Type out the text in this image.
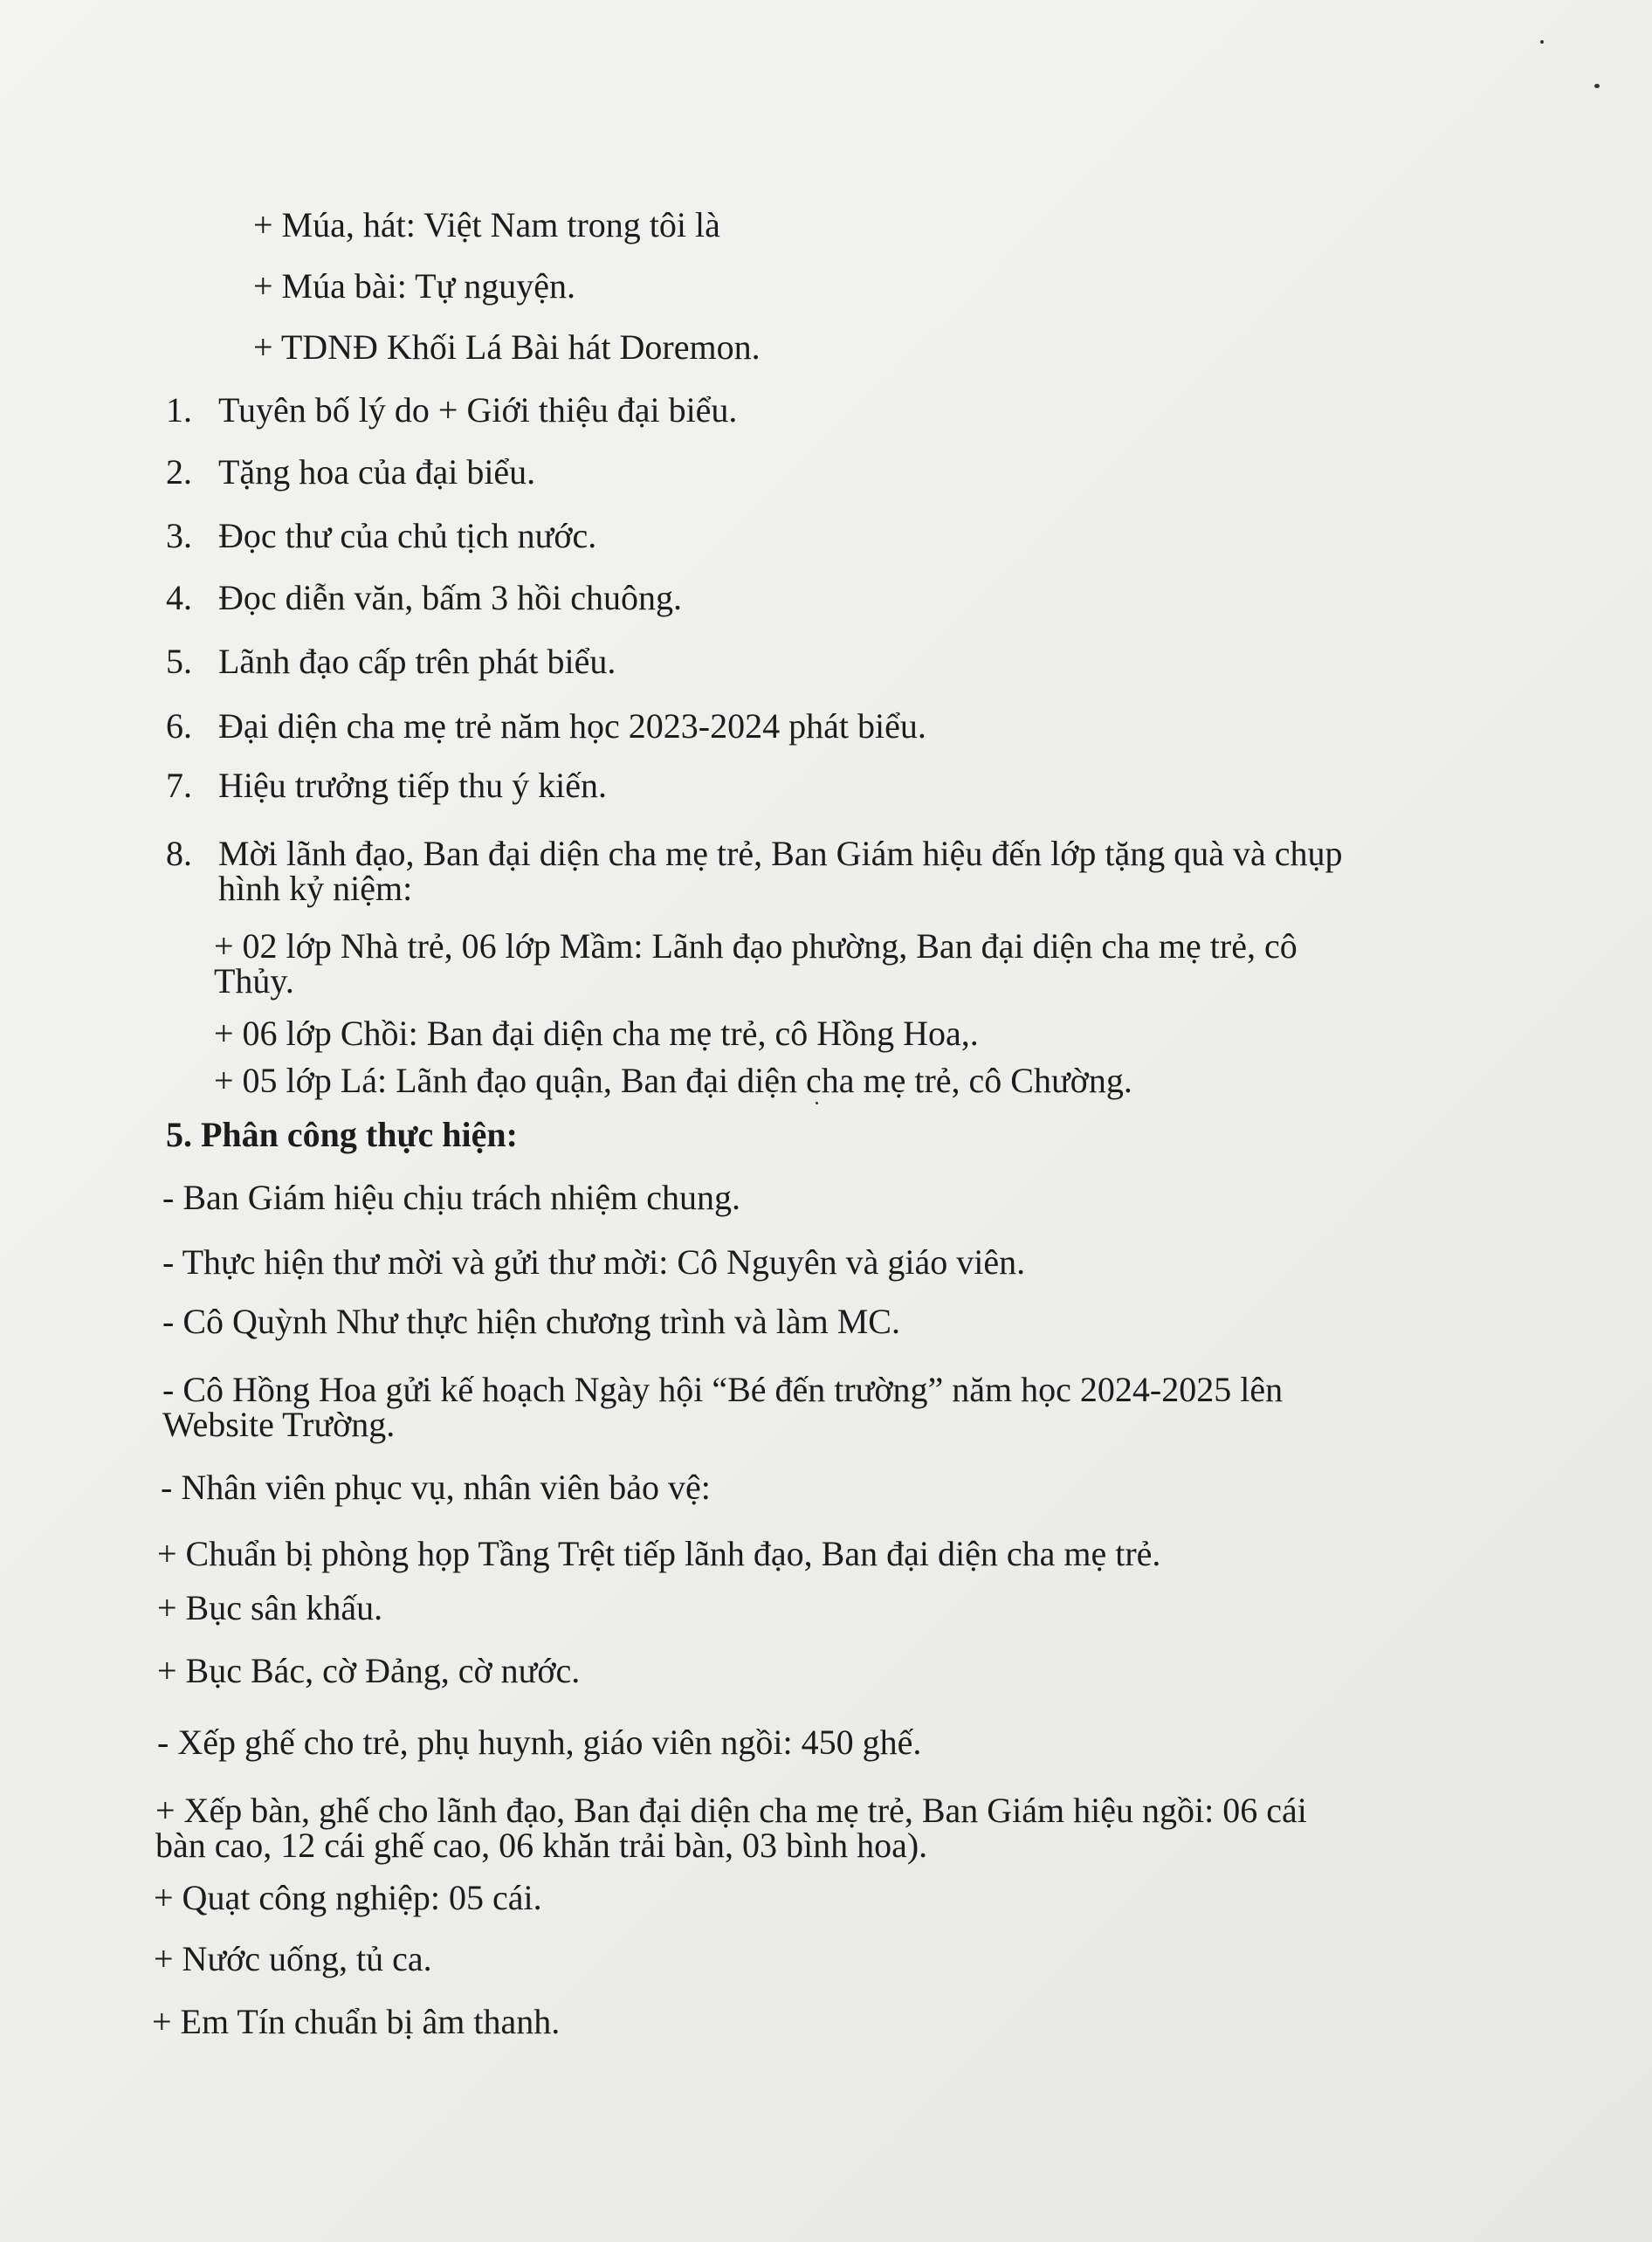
+ Múa, hát: Việt Nam trong tôi là
+ Múa bài: Tự nguyện.
+ TDNĐ Khối Lá Bài hát Doremon.
1. Tuyên bố lý do + Giới thiệu đại biểu.
2. Tặng hoa của đại biểu.
3. Đọc thư của chủ tịch nước.
4. Đọc diễn văn, bấm 3 hồi chuông.
5. Lãnh đạo cấp trên phát biểu.
6. Đại diện cha mẹ trẻ năm học 2023-2024 phát biểu.
7. Hiệu trưởng tiếp thu ý kiến.
8. Mời lãnh đạo, Ban đại diện cha mẹ trẻ, Ban Giám hiệu đến lớp tặng quà và chụp
hình kỷ niệm:
+ 02 lớp Nhà trẻ, 06 lớp Mầm: Lãnh đạo phường, Ban đại diện cha mẹ trẻ, cô
Thủy.
+ 06 lớp Chồi: Ban đại diện cha mẹ trẻ, cô Hồng Hoa,.
+ 05 lớp Lá: Lãnh đạo quận, Ban đại diện cha mẹ trẻ, cô Chường.
5. Phân công thực hiện:
- Ban Giám hiệu chịu trách nhiệm chung.
- Thực hiện thư mời và gửi thư mời: Cô Nguyên và giáo viên.
- Cô Quỳnh Như thực hiện chương trình và làm MC.
- Cô Hồng Hoa gửi kế hoạch Ngày hội “Bé đến trường” năm học 2024-2025 lên
Website Trường.
- Nhân viên phục vụ, nhân viên bảo vệ:
+ Chuẩn bị phòng họp Tầng Trệt tiếp lãnh đạo, Ban đại diện cha mẹ trẻ.
+ Bục sân khấu.
+ Bục Bác, cờ Đảng, cờ nước.
- Xếp ghế cho trẻ, phụ huynh, giáo viên ngồi: 450 ghế.
+ Xếp bàn, ghế cho lãnh đạo, Ban đại diện cha mẹ trẻ, Ban Giám hiệu ngồi: 06 cái
bàn cao, 12 cái ghế cao, 06 khăn trải bàn, 03 bình hoa).
+ Quạt công nghiệp: 05 cái.
+ Nước uống, tủ ca.
+ Em Tín chuẩn bị âm thanh.
